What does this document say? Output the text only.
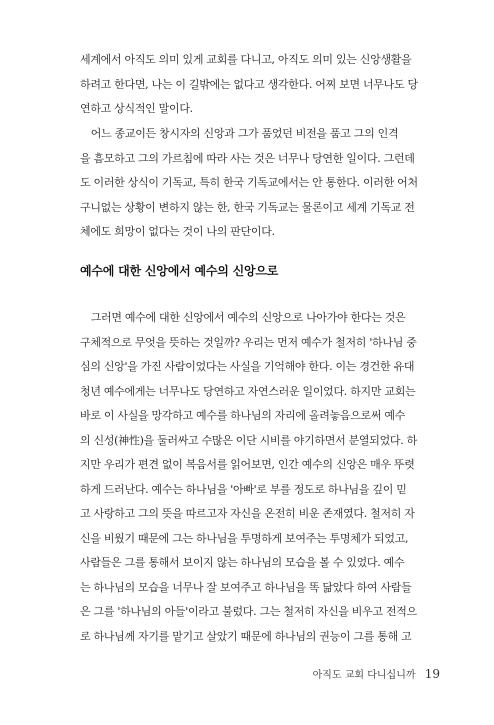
세계에서 아직도 의미 있게 교회를 다니고, 아직도 의미 있는 신앙생활을
하려고 한다면, 나는 이 길밖에는 없다고 생각한다. 어찌 보면 너무나도 당
연하고 상식적인 말이다.
　어느 종교이든 창시자의 신앙과 그가 품었던 비전을 품고 그의 인격
을 흠모하고 그의 가르침에 따라 사는 것은 너무나 당연한 일이다. 그런데
도 이러한 상식이 기독교, 특히 한국 기독교에서는 안 통한다. 이러한 어처
구니없는 상황이 변하지 않는 한, 한국 기독교는 물론이고 세계 기독교 전
체에도 희망이 없다는 것이 나의 판단이다.
예수에 대한 신앙에서 예수의 신앙으로
　그러면 예수에 대한 신앙에서 예수의 신앙으로 나아가야 한다는 것은
구체적으로 무엇을 뜻하는 것일까? 우리는 먼저 예수가 철저히 '하나님 중
심의 신앙'을 가진 사람이었다는 사실을 기억해야 한다. 이는 경건한 유대
청년 예수에게는 너무나도 당연하고 자연스러운 일이었다. 하지만 교회는
바로 이 사실을 망각하고 예수를 하나님의 자리에 올려놓음으로써 예수
의 신성(神性)을 둘러싸고 수많은 이단 시비를 야기하면서 분열되었다. 하
지만 우리가 편견 없이 복음서를 읽어보면, 인간 예수의 신앙은 매우 뚜렷
하게 드러난다. 예수는 하나님을 '아빠'로 부를 정도로 하나님을 깊이 믿
고 사랑하고 그의 뜻을 따르고자 자신을 온전히 비운 존재였다. 철저히 자
신을 비웠기 때문에 그는 하나님을 투명하게 보여주는 투명체가 되었고,
사람들은 그를 통해서 보이지 않는 하나님의 모습을 볼 수 있었다. 예수
는 하나님의 모습을 너무나 잘 보여주고 하나님을 똑 닮았다 하여 사람들
은 그를 '하나님의 아들'이라고 불렀다. 그는 철저히 자신을 비우고 전적으
로 하나님께 자기를 맡기고 살았기 때문에 하나님의 권능이 그를 통해 고
아직도 교회 다니십니까 19
